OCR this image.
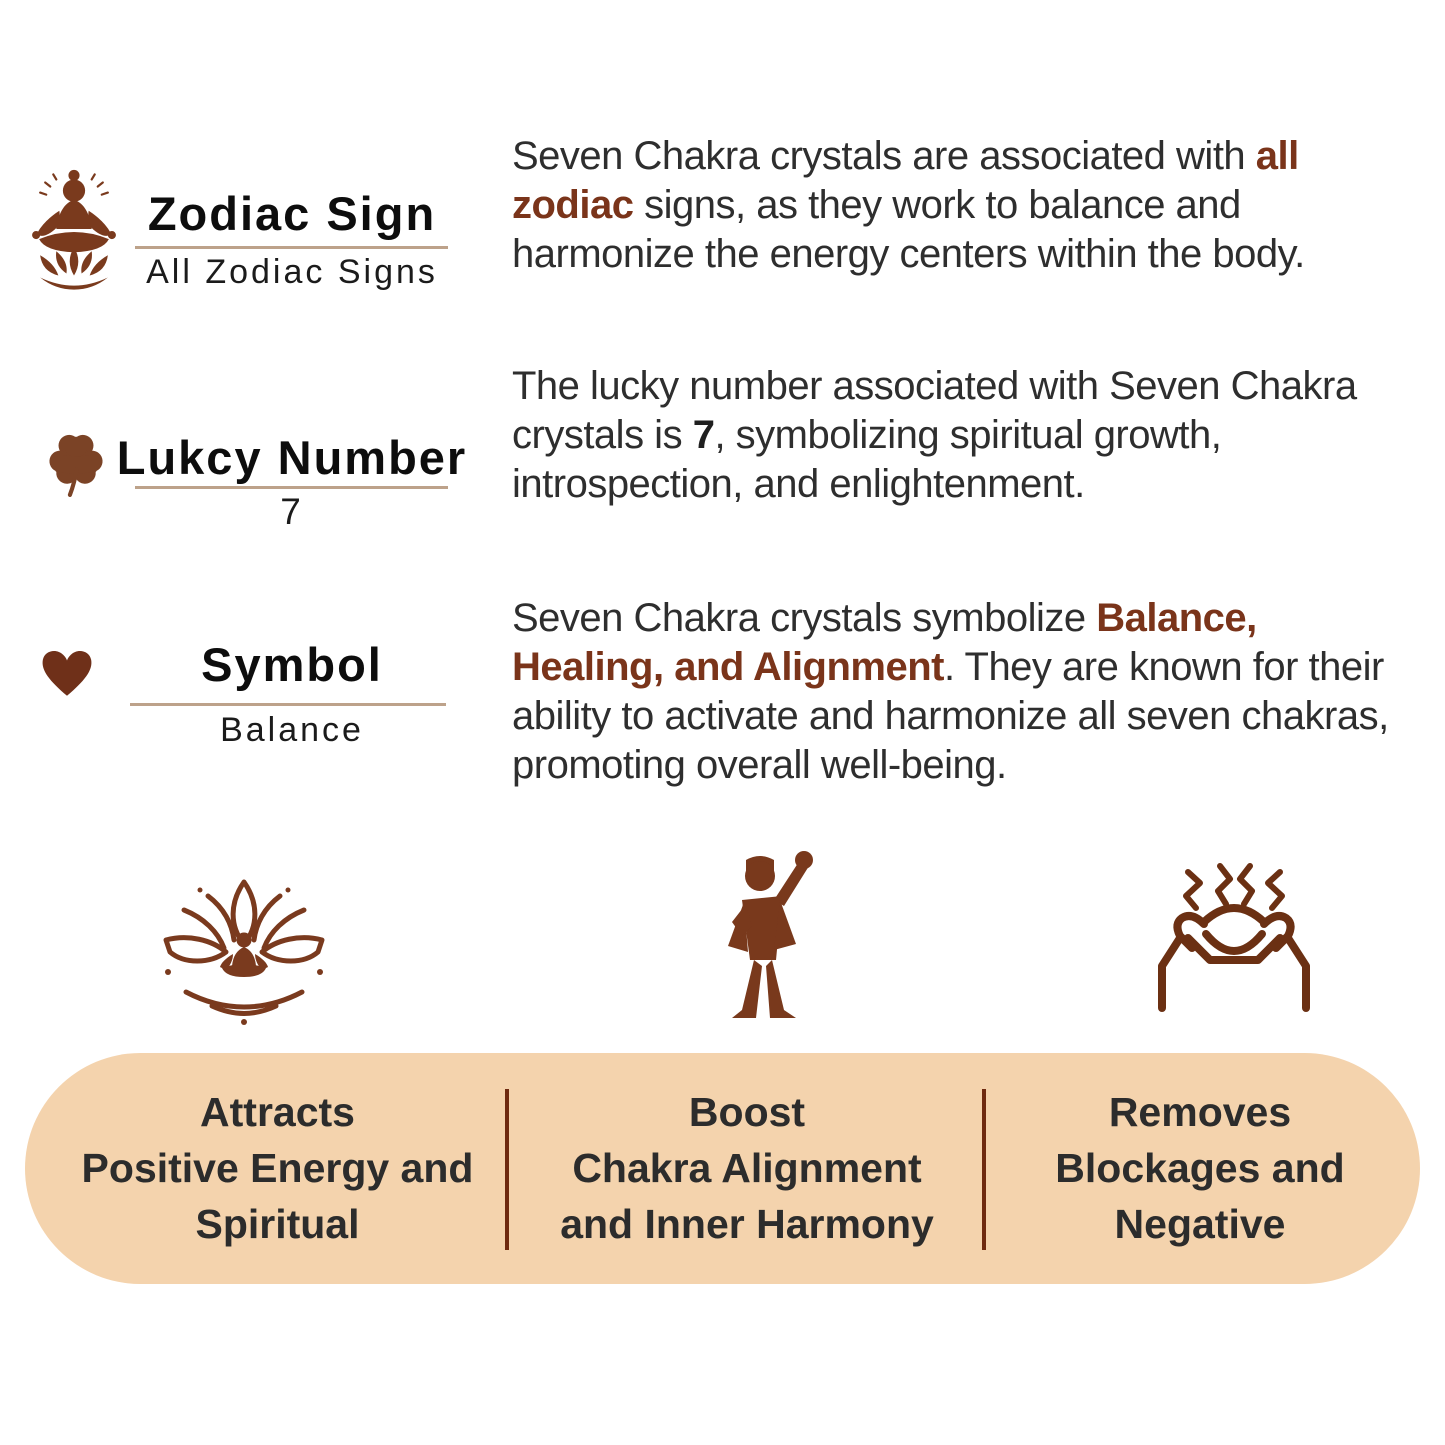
Zodiac Sign
All Zodiac Signs
Lukcy Number
7
Symbol
Balance
Seven Chakra crystals are associated with all zodiac signs, as they work to balance and harmonize the energy centers within the body.
The lucky number associated with Seven Chakra crystals is 7, symbolizing spiritual growth, introspection, and enlightenment.
Seven Chakra crystals symbolize Balance, Healing, and Alignment. They are known for their ability to activate and harmonize all seven chakras, promoting overall well-being.
Attracts
Positive Energy and
Spiritual
Boost
Chakra Alignment
and Inner Harmony
Removes
Blockages and
Negative
